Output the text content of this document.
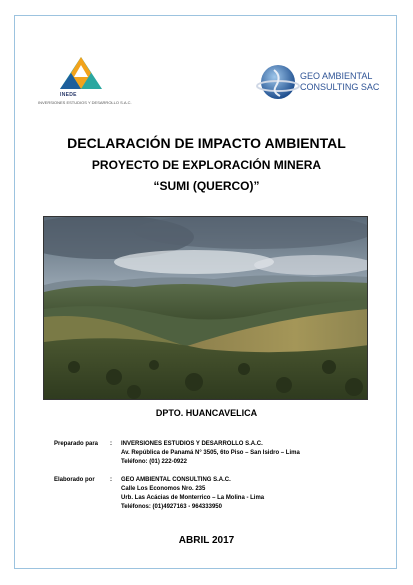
INEDE
INVERSIONES ESTUDIOS Y DESARROLLO S.A.C.
GEO AMBIENTAL
CONSULTING SAC
DECLARACIÓN DE IMPACTO AMBIENTAL
PROYECTO DE EXPLORACIÓN MINERA
“SUMI (QUERCO)”
DPTO. HUANCAVELICA
Preparado para : INVERSIONES ESTUDIOS Y DESARROLLO S.A.C.
Av. República de Panamá N° 3505, 6to Piso – San Isidro – Lima
Teléfono: (01) 222-0922
Elaborado por	: GEO AMBIENTAL CONSULTING S.A.C.
Calle Los Economos Nro. 235
Urb. Las Acácias de Monterrico – La Molina - Lima
Teléfonos: (01)4927163 - 964333950
ABRIL 2017
